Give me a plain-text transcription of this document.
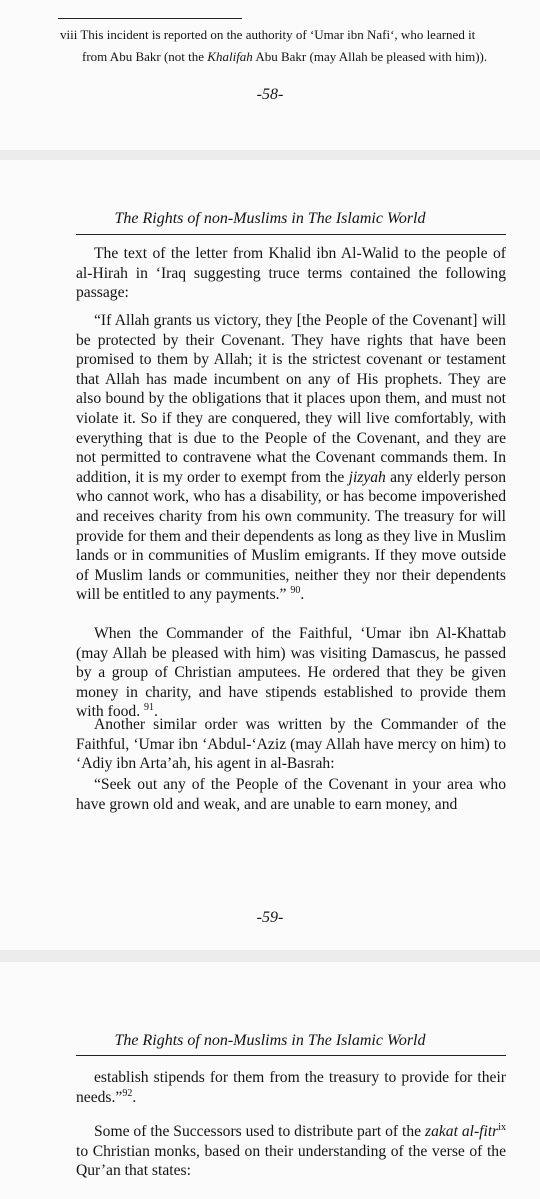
viii This incident is reported on the authority of ‘Umar ibn Nafi‘, who learned it

from Abu Bakr (not the Khalifah Abu Bakr (may Allah be pleased with him)).

-58-

The Rights of non-Muslims in The Islamic World

The text of the letter from Khalid ibn Al-Walid to the people of al-Hirah in ‘Iraq suggesting truce terms contained the following passage:

“If Allah grants us victory, they [the People of the Covenant] will be protected by their Covenant. They have rights that have been promised to them by Allah; it is the strictest covenant or testament that Allah has made incumbent on any of His prophets. They are also bound by the obligations that it places upon them, and must not violate it. So if they are conquered, they will live comfortably, with everything that is due to the People of the Covenant, and they are not permitted to contravene what the Covenant commands them. In addition, it is my order to exempt from the jizyah any elderly person who cannot work, who has a disability, or has become impoverished and receives charity from his own community. The treasury for will provide for them and their dependents as long as they live in Muslim lands or in communities of Muslim emigrants. If they move outside of Muslim lands or communities, neither they nor their dependents will be entitled to any payments.” $^{90}$.

When the Commander of the Faithful, ‘Umar ibn Al-Khattab (may Allah be pleased with him) was visiting Damascus, he passed by a group of Christian amputees. He ordered that they be given money in charity, and have stipends established to provide them with food. $^{91}$.

Another similar order was written by the Commander of the Faithful, ‘Umar ibn ‘Abdul-‘Aziz (may Allah have mercy on him) to ‘Adiy ibn Arta’ah, his agent in al-Basrah:

“Seek out any of the People of the Covenant in your area who have grown old and weak, and are unable to earn money, and

-59-

The Rights of non-Muslims in The Islamic World

establish stipends for them from the treasury to provide for their needs.”$^{92}$.

Some of the Successors used to distribute part of the zakat al-fitr$^{ix}$ to Christian monks, based on their understanding of the verse of the Qur’an that states:
